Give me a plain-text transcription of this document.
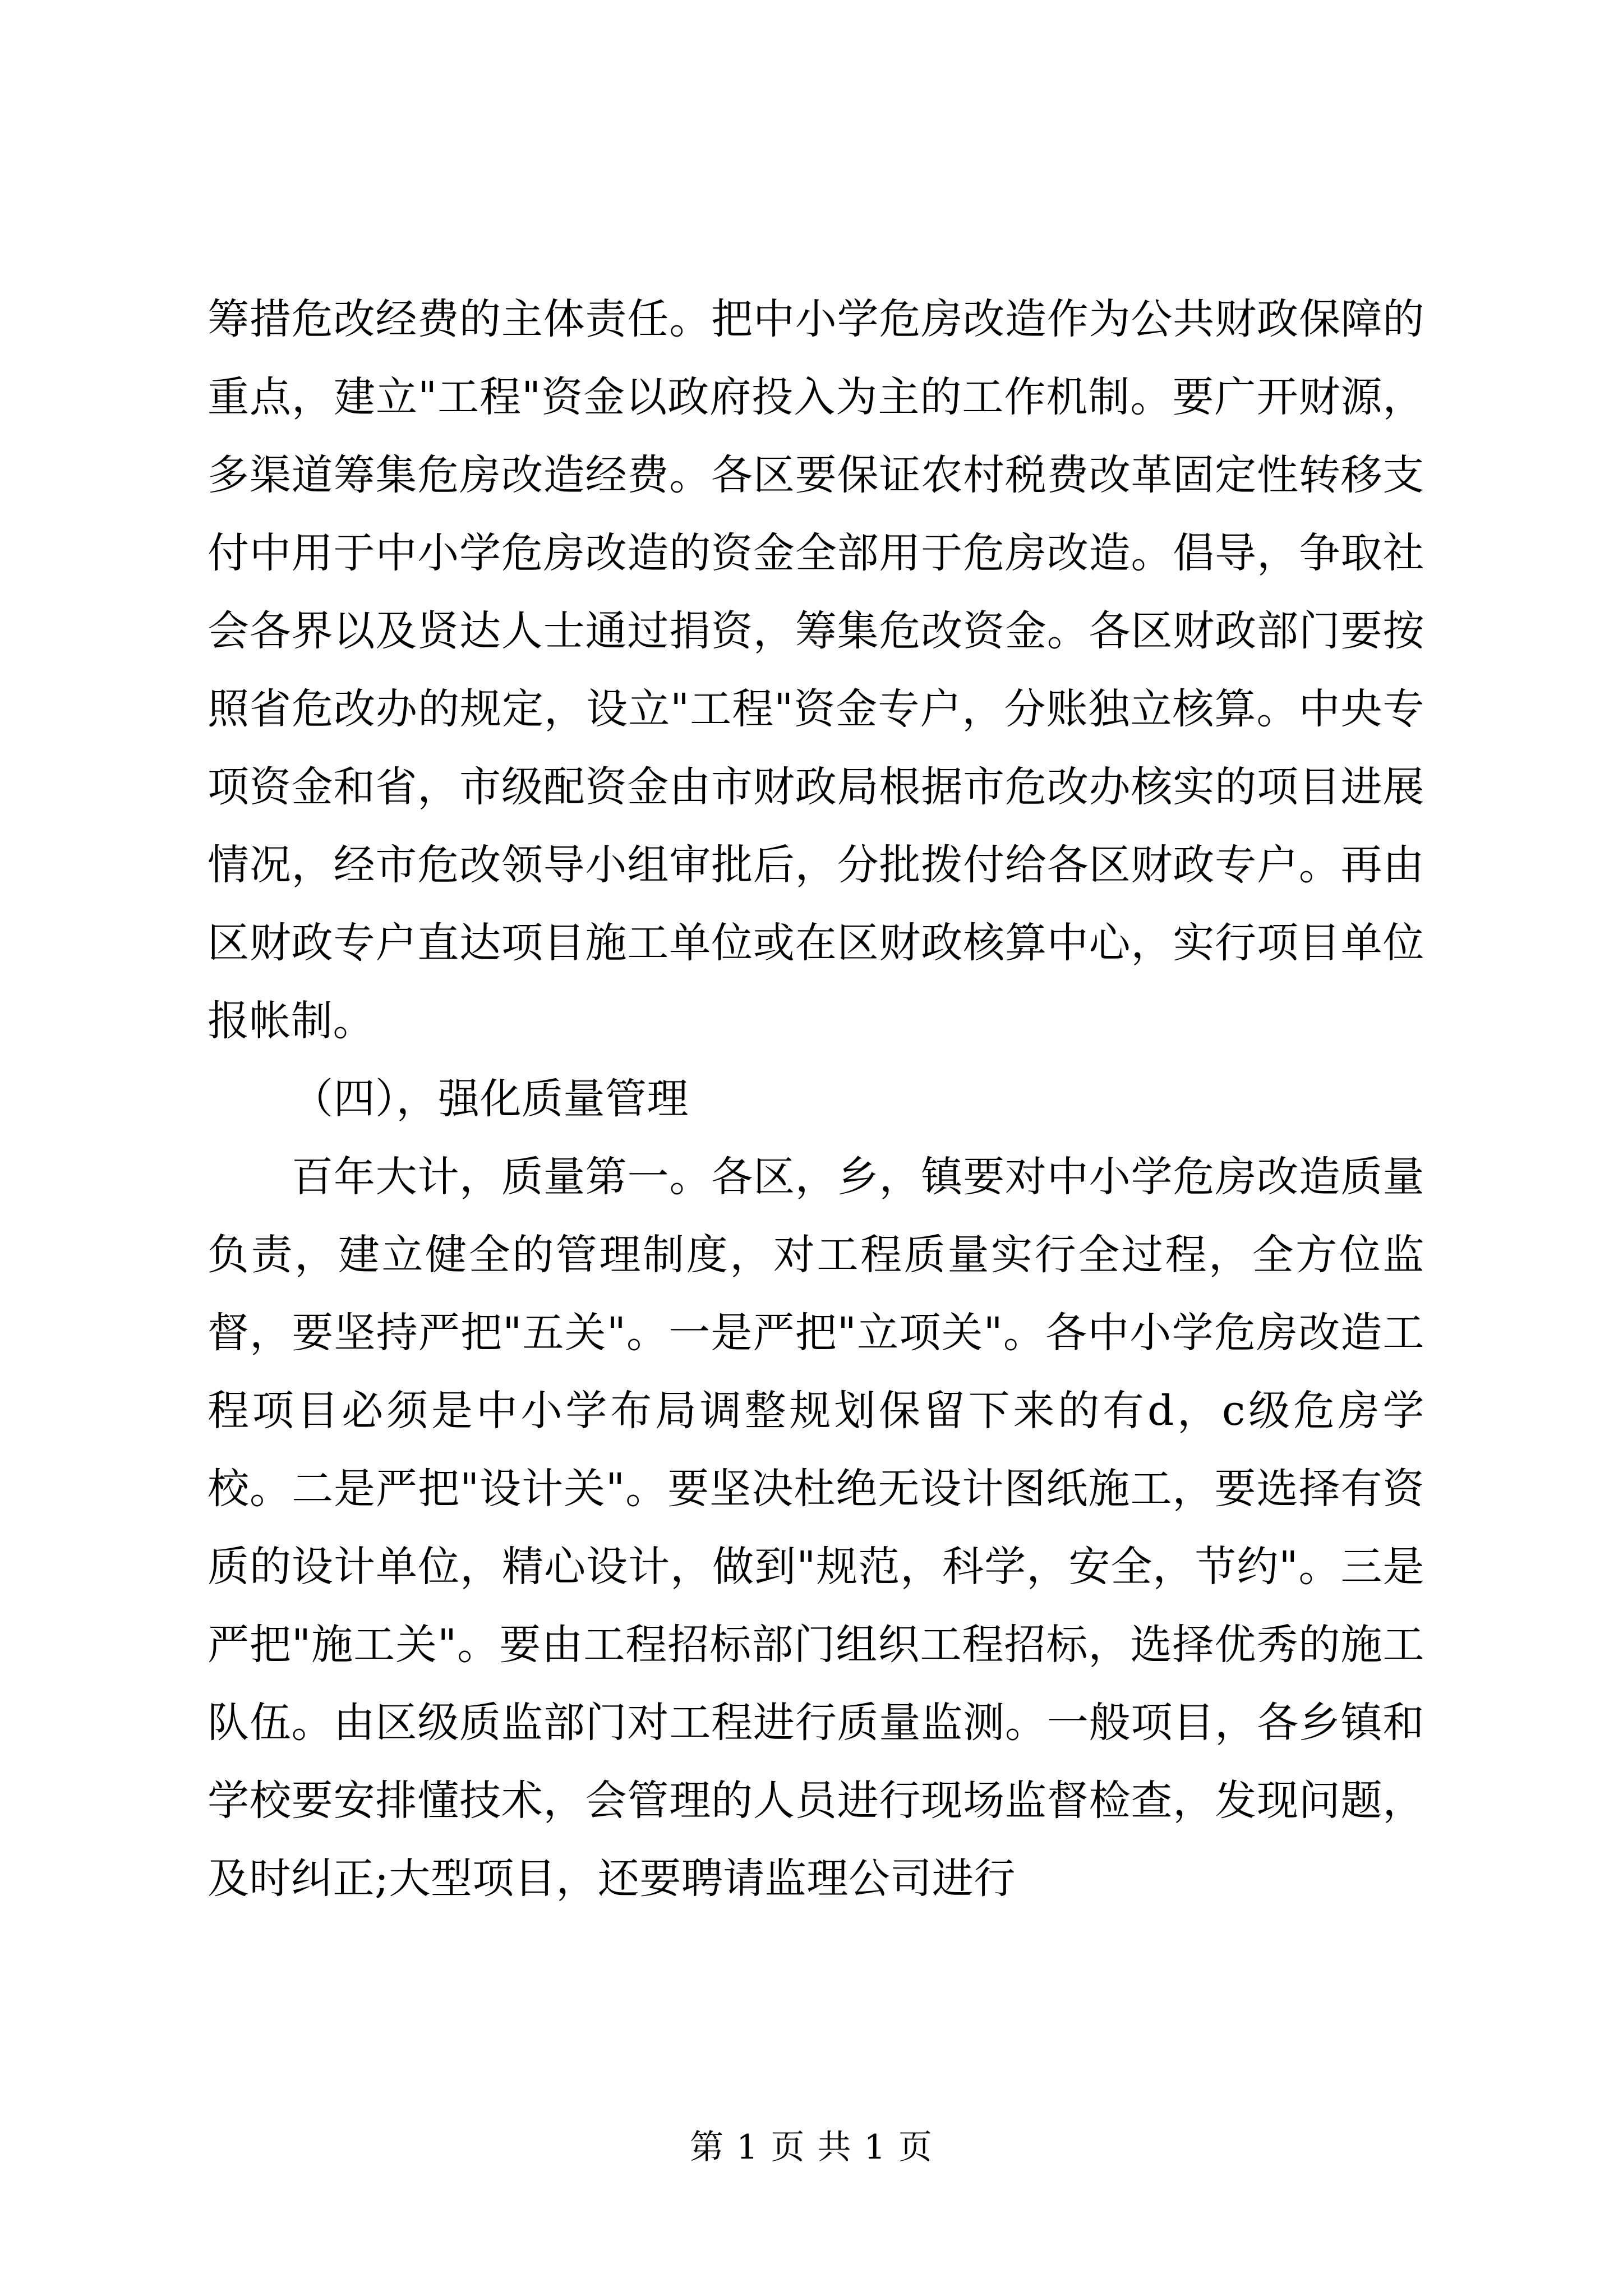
筹措危改经费的主体责任。把中小学危房改造作为公共财政保障的重点，建立"工程"资金以政府投入为主的工作机制。要广开财源，多渠道筹集危房改造经费。各区要保证农村税费改革固定性转移支付中用于中小学危房改造的资金全部用于危房改造。倡导，争取社会各界以及贤达人士通过捐资，筹集危改资金。各区财政部门要按照省危改办的规定，设立"工程"资金专户，分账独立核算。中央专项资金和省，市级配资金由市财政局根据市危改办核实的项目进展情况，经市危改领导小组审批后，分批拨付给各区财政专户。再由区财政专户直达项目施工单位或在区财政核算中心，实行项目单位报帐制。

（四），强化质量管理

百年大计，质量第一。各区，乡，镇要对中小学危房改造质量负责，建立健全的管理制度，对工程质量实行全过程，全方位监督，要坚持严把"五关"。一是严把"立项关"。各中小学危房改造工程项目必须是中小学布局调整规划保留下来的有d，c级危房学校。二是严把"设计关"。要坚决杜绝无设计图纸施工，要选择有资质的设计单位，精心设计，做到"规范，科学，安全，节约"。三是严把"施工关"。要由工程招标部门组织工程招标，选择优秀的施工队伍。由区级质监部门对工程进行质量监测。一般项目，各乡镇和学校要安排懂技术，会管理的人员进行现场监督检查，发现问题，及时纠正;大型项目，还要聘请监理公司进行

第 1 页 共 1 页
